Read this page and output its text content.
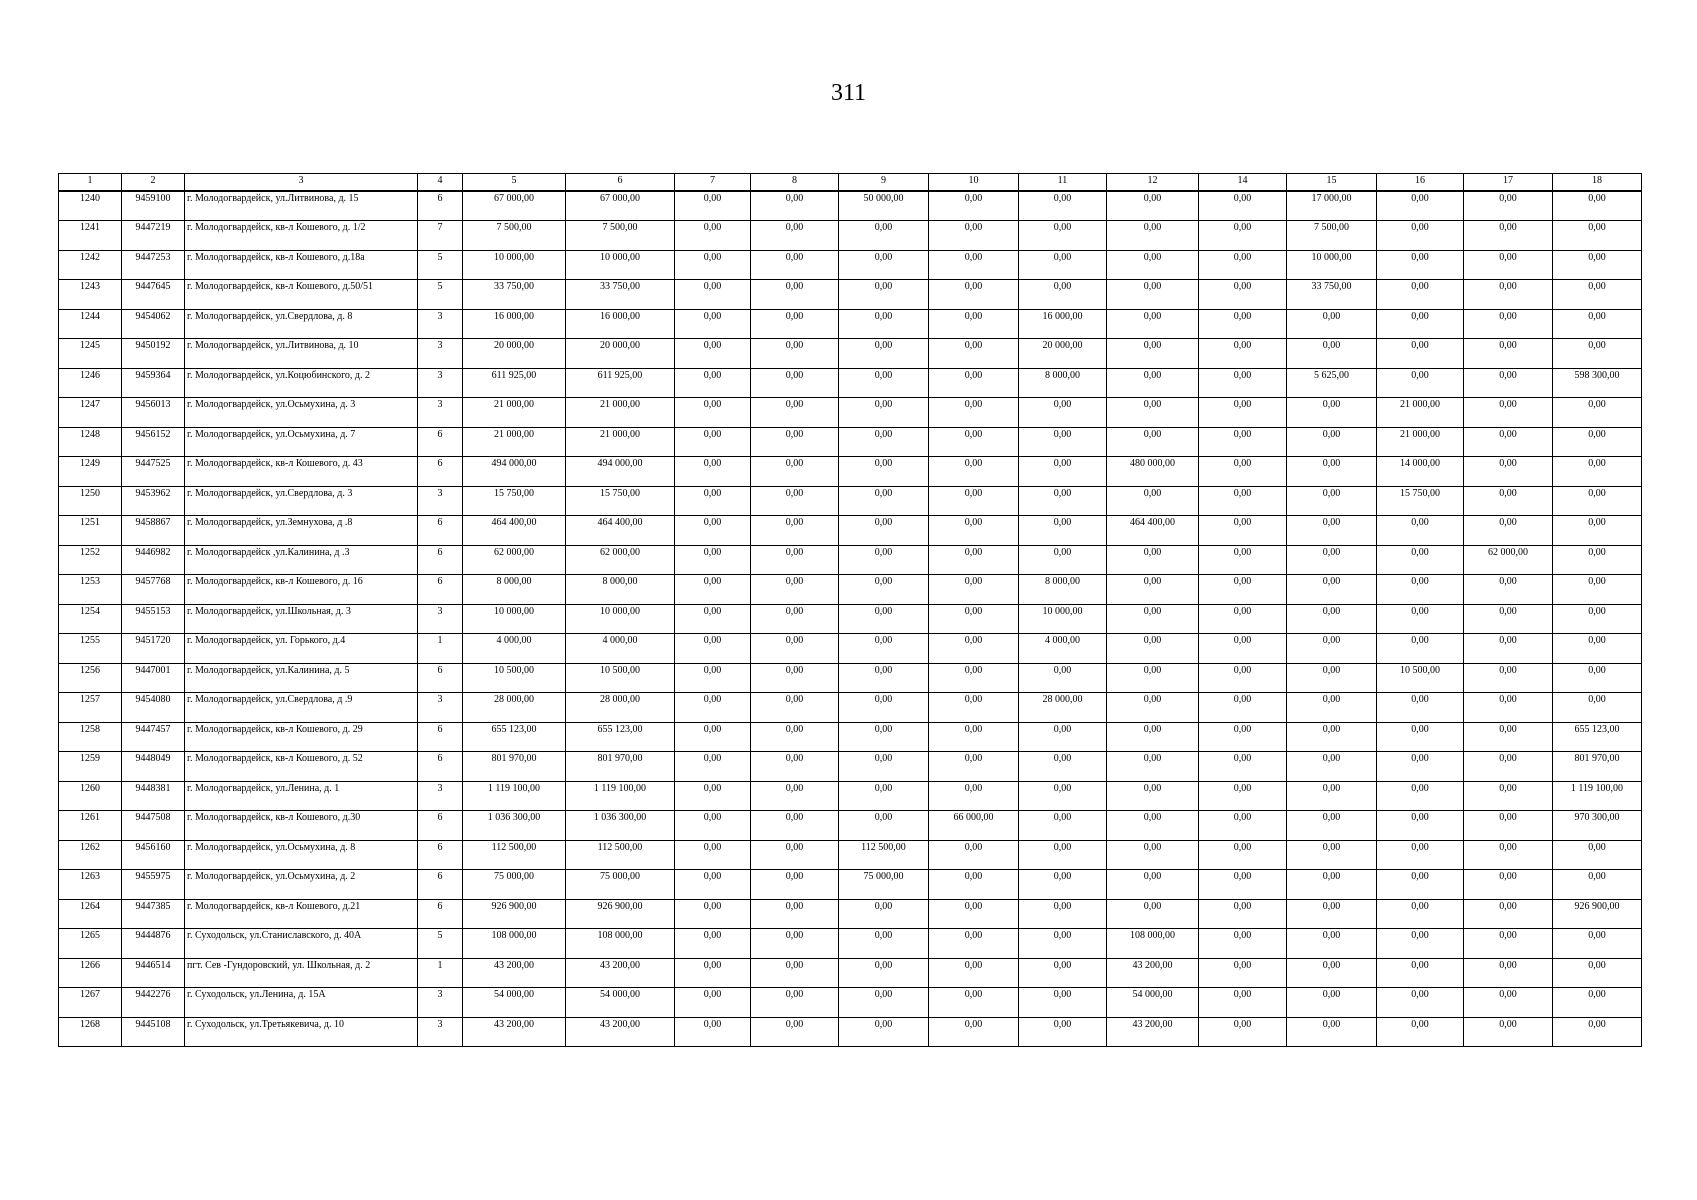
311
1	2	3	4	5	6	7	8	9	10	11	12	14	15	16	17	18
1240	9459100	г. Молодогвардейск, ул.Литвинова, д. 15	6	67 000,00	67 000,00	0,00	0,00	50 000,00	0,00	0,00	0,00	0,00	17 000,00	0,00	0,00	0,00
1241	9447219	г. Молодогвардейск, кв-л Кошевого, д. 1/2	7	7 500,00	7 500,00	0,00	0,00	0,00	0,00	0,00	0,00	0,00	7 500,00	0,00	0,00	0,00
1242	9447253	г. Молодогвардейск, кв-л Кошевого, д.18а	5	10 000,00	10 000,00	0,00	0,00	0,00	0,00	0,00	0,00	0,00	10 000,00	0,00	0,00	0,00
1243	9447645	г. Молодогвардейск, кв-л Кошевого, д.50/51	5	33 750,00	33 750,00	0,00	0,00	0,00	0,00	0,00	0,00	0,00	33 750,00	0,00	0,00	0,00
1244	9454062	г. Молодогвардейск, ул.Свердлова, д. 8	3	16 000,00	16 000,00	0,00	0,00	0,00	0,00	16 000,00	0,00	0,00	0,00	0,00	0,00	0,00
1245	9450192	г. Молодогвардейск, ул.Литвинова, д. 10	3	20 000,00	20 000,00	0,00	0,00	0,00	0,00	20 000,00	0,00	0,00	0,00	0,00	0,00	0,00
1246	9459364	г. Молодогвардейск, ул.Коцюбинского, д. 2	3	611 925,00	611 925,00	0,00	0,00	0,00	0,00	8 000,00	0,00	0,00	5 625,00	0,00	0,00	598 300,00
1247	9456013	г. Молодогвардейск, ул.Осьмухина, д. 3	3	21 000,00	21 000,00	0,00	0,00	0,00	0,00	0,00	0,00	0,00	0,00	21 000,00	0,00	0,00
1248	9456152	г. Молодогвардейск, ул.Осьмухина, д. 7	6	21 000,00	21 000,00	0,00	0,00	0,00	0,00	0,00	0,00	0,00	0,00	21 000,00	0,00	0,00
1249	9447525	г. Молодогвардейск, кв-л Кошевого, д. 43	6	494 000,00	494 000,00	0,00	0,00	0,00	0,00	0,00	480 000,00	0,00	0,00	14 000,00	0,00	0,00
1250	9453962	г. Молодогвардейск, ул.Свердлова, д. 3	3	15 750,00	15 750,00	0,00	0,00	0,00	0,00	0,00	0,00	0,00	0,00	15 750,00	0,00	0,00
1251	9458867	г. Молодогвардейск, ул.Земнухова, д .8	6	464 400,00	464 400,00	0,00	0,00	0,00	0,00	0,00	464 400,00	0,00	0,00	0,00	0,00	0,00
1252	9446982	г. Молодогвардейск ,ул.Калинина, д .3	6	62 000,00	62 000,00	0,00	0,00	0,00	0,00	0,00	0,00	0,00	0,00	0,00	62 000,00	0,00
1253	9457768	г. Молодогвардейск, кв-л Кошевого, д. 16	6	8 000,00	8 000,00	0,00	0,00	0,00	0,00	8 000,00	0,00	0,00	0,00	0,00	0,00	0,00
1254	9455153	г. Молодогвардейск, ул.Школьная, д. 3	3	10 000,00	10 000,00	0,00	0,00	0,00	0,00	10 000,00	0,00	0,00	0,00	0,00	0,00	0,00
1255	9451720	г. Молодогвардейск, ул. Горького, д.4	1	4 000,00	4 000,00	0,00	0,00	0,00	0,00	4 000,00	0,00	0,00	0,00	0,00	0,00	0,00
1256	9447001	г. Молодогвардейск, ул.Калинина, д. 5	6	10 500,00	10 500,00	0,00	0,00	0,00	0,00	0,00	0,00	0,00	0,00	10 500,00	0,00	0,00
1257	9454080	г. Молодогвардейск, ул.Свердлова, д .9	3	28 000,00	28 000,00	0,00	0,00	0,00	0,00	28 000,00	0,00	0,00	0,00	0,00	0,00	0,00
1258	9447457	г. Молодогвардейск, кв-л Кошевого, д. 29	6	655 123,00	655 123,00	0,00	0,00	0,00	0,00	0,00	0,00	0,00	0,00	0,00	0,00	655 123,00
1259	9448049	г. Молодогвардейск, кв-л Кошевого, д. 52	6	801 970,00	801 970,00	0,00	0,00	0,00	0,00	0,00	0,00	0,00	0,00	0,00	0,00	801 970,00
1260	9448381	г. Молодогвардейск, ул.Ленина, д. 1	3	1 119 100,00	1 119 100,00	0,00	0,00	0,00	0,00	0,00	0,00	0,00	0,00	0,00	0,00	1 119 100,00
1261	9447508	г. Молодогвардейск, кв-л Кошевого, д.30	6	1 036 300,00	1 036 300,00	0,00	0,00	0,00	66 000,00	0,00	0,00	0,00	0,00	0,00	0,00	970 300,00
1262	9456160	г. Молодогвардейск, ул.Осьмухина, д. 8	6	112 500,00	112 500,00	0,00	0,00	112 500,00	0,00	0,00	0,00	0,00	0,00	0,00	0,00	0,00
1263	9455975	г. Молодогвардейск, ул.Осьмухина, д. 2	6	75 000,00	75 000,00	0,00	0,00	75 000,00	0,00	0,00	0,00	0,00	0,00	0,00	0,00	0,00
1264	9447385	г. Молодогвардейск, кв-л Кошевого, д.21	6	926 900,00	926 900,00	0,00	0,00	0,00	0,00	0,00	0,00	0,00	0,00	0,00	0,00	926 900,00
1265	9444876	г. Суходольск, ул.Станиславского, д. 40А	5	108 000,00	108 000,00	0,00	0,00	0,00	0,00	0,00	108 000,00	0,00	0,00	0,00	0,00	0,00
1266	9446514	пгт. Сев -Гундоровский, ул. Школьная, д. 2	1	43 200,00	43 200,00	0,00	0,00	0,00	0,00	0,00	43 200,00	0,00	0,00	0,00	0,00	0,00
1267	9442276	г. Суходольск, ул.Ленина, д. 15А	3	54 000,00	54 000,00	0,00	0,00	0,00	0,00	0,00	54 000,00	0,00	0,00	0,00	0,00	0,00
1268	9445108	г. Суходольск, ул.Третьякевича, д. 10	3	43 200,00	43 200,00	0,00	0,00	0,00	0,00	0,00	43 200,00	0,00	0,00	0,00	0,00	0,00
